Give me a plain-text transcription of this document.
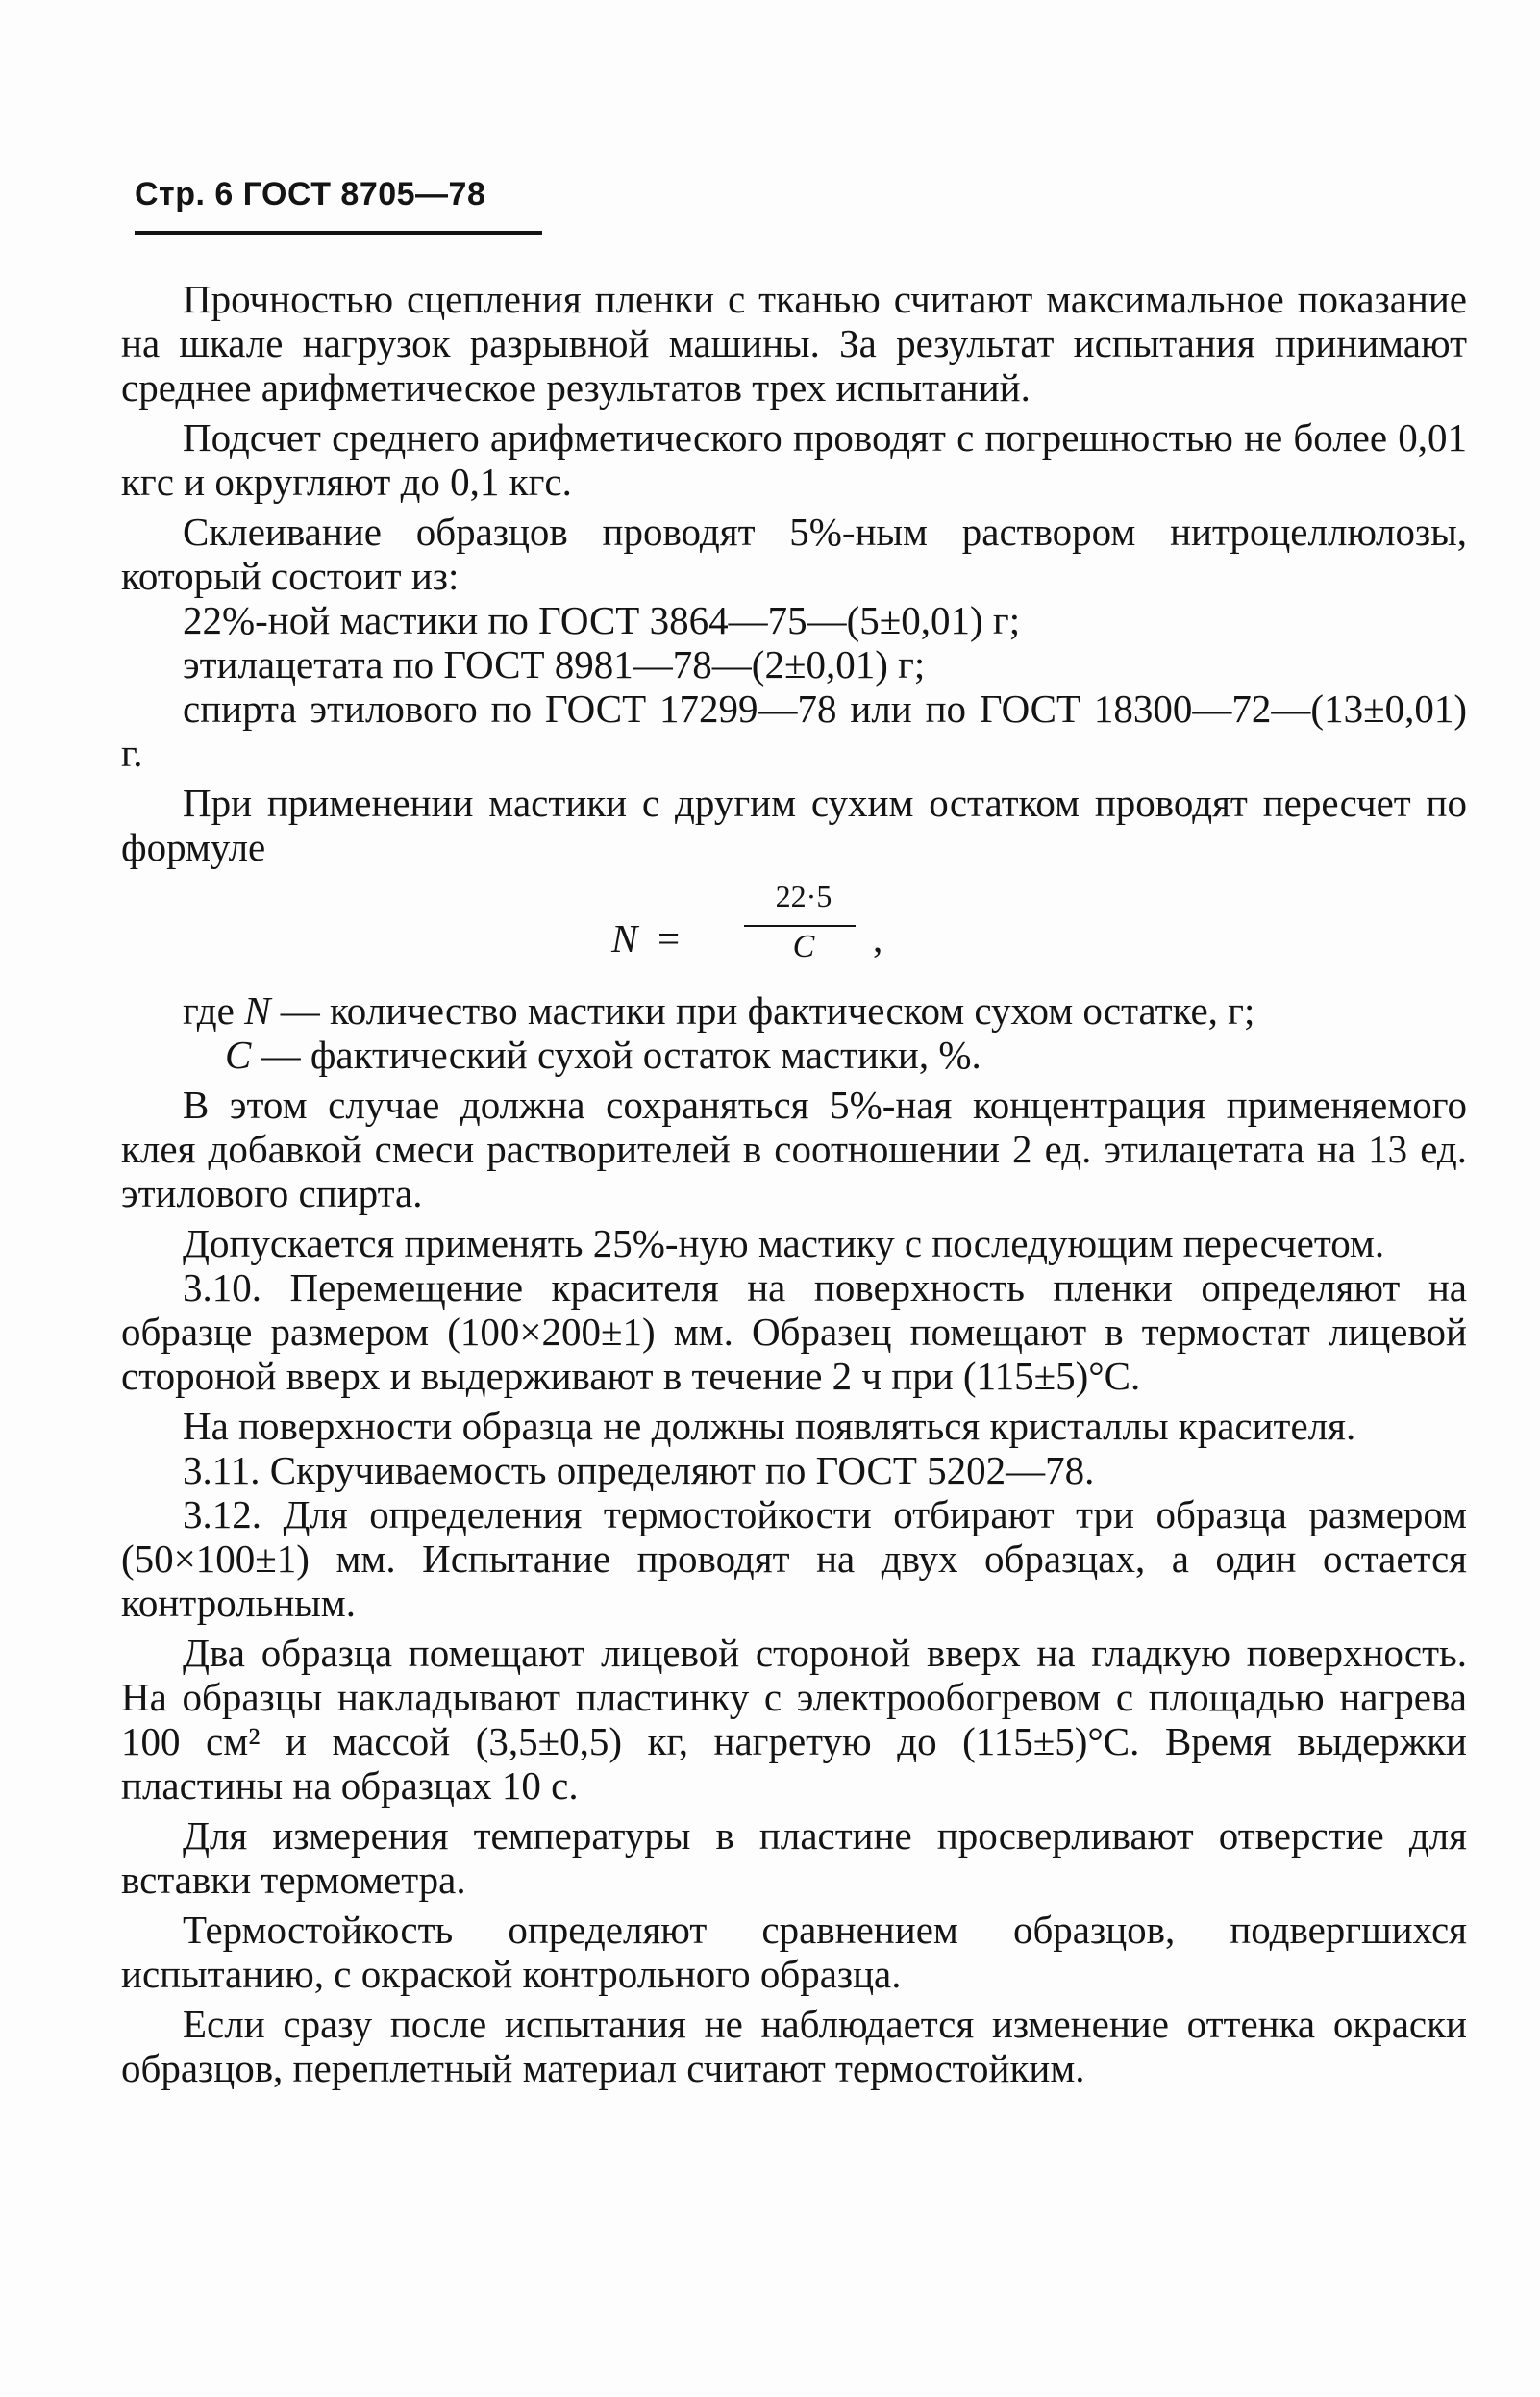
Стр. 6 ГОСТ 8705—78

Прочностью сцепления пленки с тканью считают максимальное показание на шкале нагрузок разрывной машины. За результат испытания принимают среднее арифметическое результатов трех испытаний.

Подсчет среднего арифметического проводят с погрешностью не более 0,01 кгс и округляют до 0,1 кгс.

Склеивание образцов проводят 5%-ным раствором нитроцеллюлозы, который состоит из:

22%-ной мастики по ГОСТ 3864—75—(5±0,01) г;

этилацетата по ГОСТ 8981—78—(2±0,01) г;

спирта этилового по ГОСТ 17299—78 или по ГОСТ 18300—72—(13±0,01) г.

При применении мастики с другим сухим остатком проводят пересчет по формуле

N =
22·5
C	,

где N — количество мастики при фактическом сухом остатке, г;

C — фактический сухой остаток мастики, %.

В этом случае должна сохраняться 5%-ная концентрация применяемого клея добавкой смеси растворителей в соотношении 2 ед. этилацетата на 13 ед. этилового спирта.

Допускается применять 25%-ную мастику с последующим пересчетом.

3.10. Перемещение красителя на поверхность пленки определяют на образце размером (100×200±1) мм. Образец помещают в термостат лицевой стороной вверх и выдерживают в течение 2 ч при (115±5)°С.

На поверхности образца не должны появляться кристаллы красителя.

3.11. Скручиваемость определяют по ГОСТ 5202—78.

3.12. Для определения термостойкости отбирают три образца размером (50×100±1) мм. Испытание проводят на двух образцах, а один остается контрольным.

Два образца помещают лицевой стороной вверх на гладкую поверхность. На образцы накладывают пластинку с электрообогревом с площадью нагрева 100 см² и массой (3,5±0,5) кг, нагретую до (115±5)°С. Время выдержки пластины на образцах 10 с.

Для измерения температуры в пластине просверливают отверстие для вставки термометра.

Термостойкость определяют сравнением образцов, подвергшихся испытанию, с окраской контрольного образца.

Если сразу после испытания не наблюдается изменение оттенка окраски образцов, переплетный материал считают термостойким.
